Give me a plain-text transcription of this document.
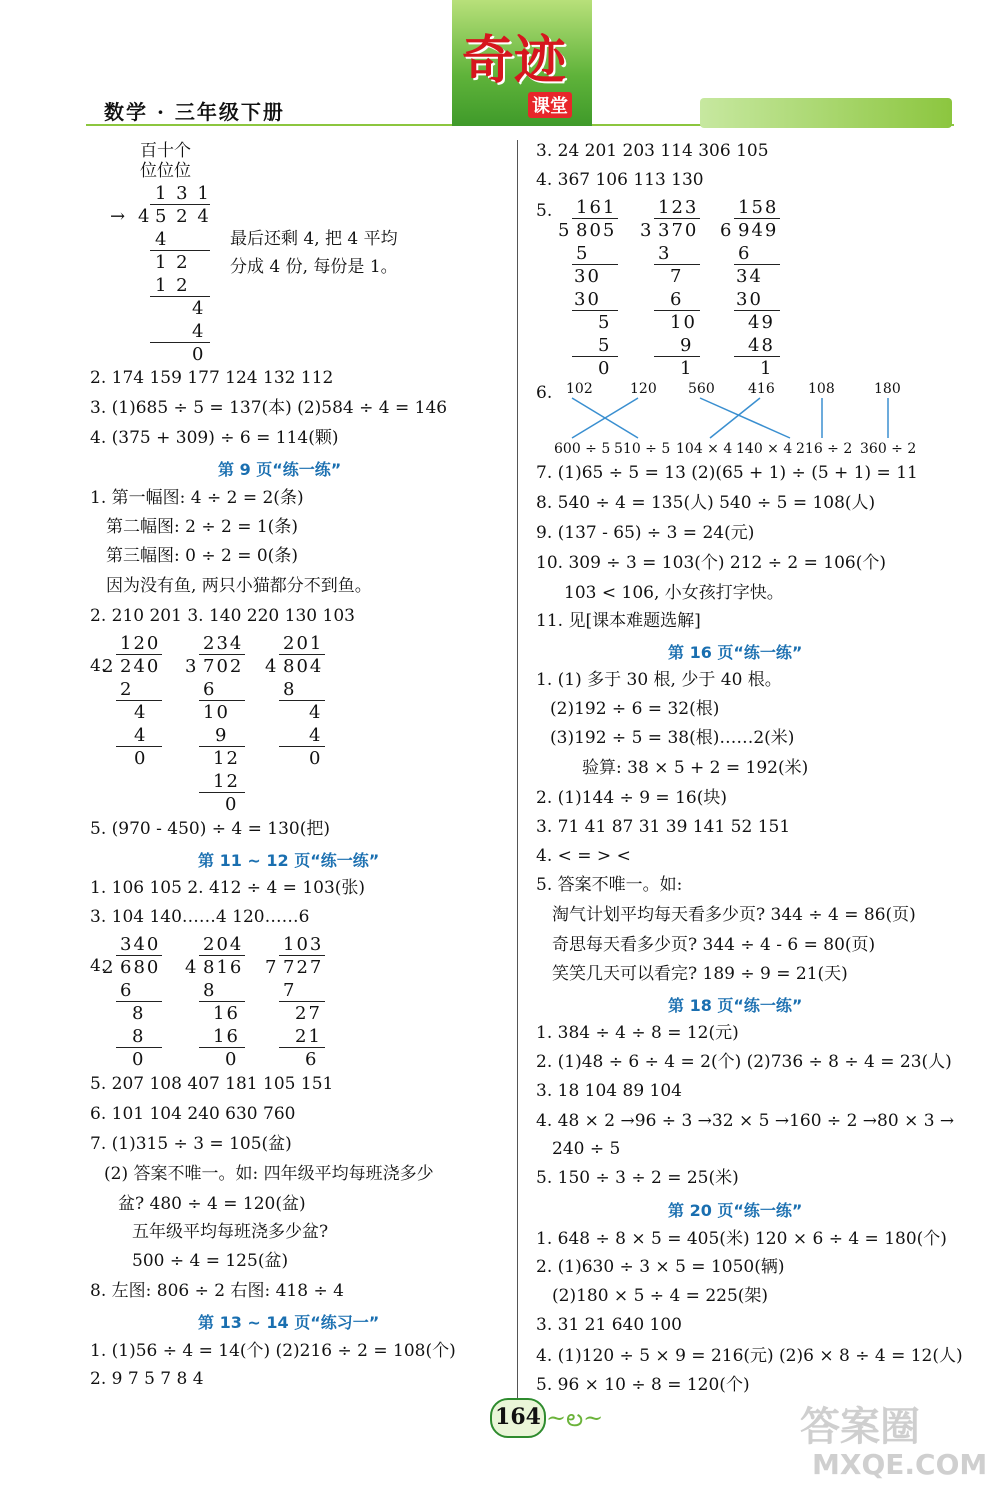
数学 · 三年级下册
奇迹
课堂
百十个
位位位
→
1 3 1
4 5 2 4
4
1 2
1 2
4
4
0
最后还剩 4, 把 4 平均
分成 4 份, 每份是 1。
2. 174 159 177 124 132 112
3. (1)685 ÷ 5 = 137(本) (2)584 ÷ 4 = 146
4. (375 + 309) ÷ 6 = 114(颗)
第 9 页“练一练”
1. 第一幅图: 4 ÷ 2 = 2(条)
第二幅图: 2 ÷ 2 = 1(条)
第三幅图: 0 ÷ 2 = 0(条)
因为没有鱼, 两只小猫都分不到鱼。
2. 210 201 3. 140 220 130 103
4.
120
2 240
2
4
4
0
234
3 702
6
10
9
12
12
0
201
4 804
8
4
4
0
5. (970 - 450) ÷ 4 = 130(把)
第 11 ~ 12 页“练一练”
1. 106 105 2. 412 ÷ 4 = 103(张)
3. 104 140……4 120……6
4.
340
2 680
6
8
8
0
204
4 816
8
16
16
0
103
7 727
7
27
21
6
5. 207 108 407 181 105 151
6. 101 104 240 630 760
7. (1)315 ÷ 3 = 105(盆)
(2) 答案不唯一。如: 四年级平均每班浇多少
盆? 480 ÷ 4 = 120(盆)
五年级平均每班浇多少盆?
500 ÷ 4 = 125(盆)
8. 左图: 806 ÷ 2 右图: 418 ÷ 4
第 13 ~ 14 页“练习一”
1. (1)56 ÷ 4 = 14(个) (2)216 ÷ 2 = 108(个)
2. 9 7 5 7 8 4
3. 24 201 203 114 306 105
4. 367 106 113 130
5. 161
5 805
5
30
30
5
5
0
123
3 370
3
7
6
10
9
1
158
6 949
6
34
30
49
48
1
6. 102	120 560 416 108	180
600 ÷ 5 510 ÷ 5 104 × 4 140 × 4 216 ÷ 2 360 ÷ 2
7. (1)65 ÷ 5 = 13 (2)(65 + 1) ÷ (5 + 1) = 11
8. 540 ÷ 4 = 135(人) 540 ÷ 5 = 108(人)
9. (137 - 65) ÷ 3 = 24(元)
10. 309 ÷ 3 = 103(个) 212 ÷ 2 = 106(个)
103 < 106, 小女孩打字快。
11. 见[课本难题选解]
第 16 页“练一练”
1. (1) 多于 30 根, 少于 40 根。
(2)192 ÷ 6 = 32(根)
(3)192 ÷ 5 = 38(根)……2(米)
验算: 38 × 5 + 2 = 192(米)
2. (1)144 ÷ 9 = 16(块)
3. 71 41 87 31 39 141 52 151
4. < = > <
5. 答案不唯一。如:
淘气计划平均每天看多少页? 344 ÷ 4 = 86(页)
奇思每天看多少页? 344 ÷ 4 - 6 = 80(页)
笑笑几天可以看完? 189 ÷ 9 = 21(天)
第 18 页“练一练”
1. 384 ÷ 4 ÷ 8 = 12(元)
2. (1)48 ÷ 6 ÷ 4 = 2(个) (2)736 ÷ 8 ÷ 4 = 23(人)
3. 18 104 89 104
4. 48 × 2 →96 ÷ 3 →32 × 5 →160 ÷ 2 →80 × 3 →
240 ÷ 5
5. 150 ÷ 3 ÷ 2 = 25(米)
第 20 页“练一练”
1. 648 ÷ 8 × 5 = 405(米) 120 × 6 ÷ 4 = 180(个)
2. (1)630 ÷ 3 × 5 = 1050(辆)
(2)180 × 5 ÷ 4 = 225(架)
3. 31 21 640 100
4. (1)120 ÷ 5 × 9 = 216(元) (2)6 × 8 ÷ 4 = 12(人)
5. 96 × 10 ÷ 8 = 120(个)
164 ~ల~	答案圈
MXQE.COM
